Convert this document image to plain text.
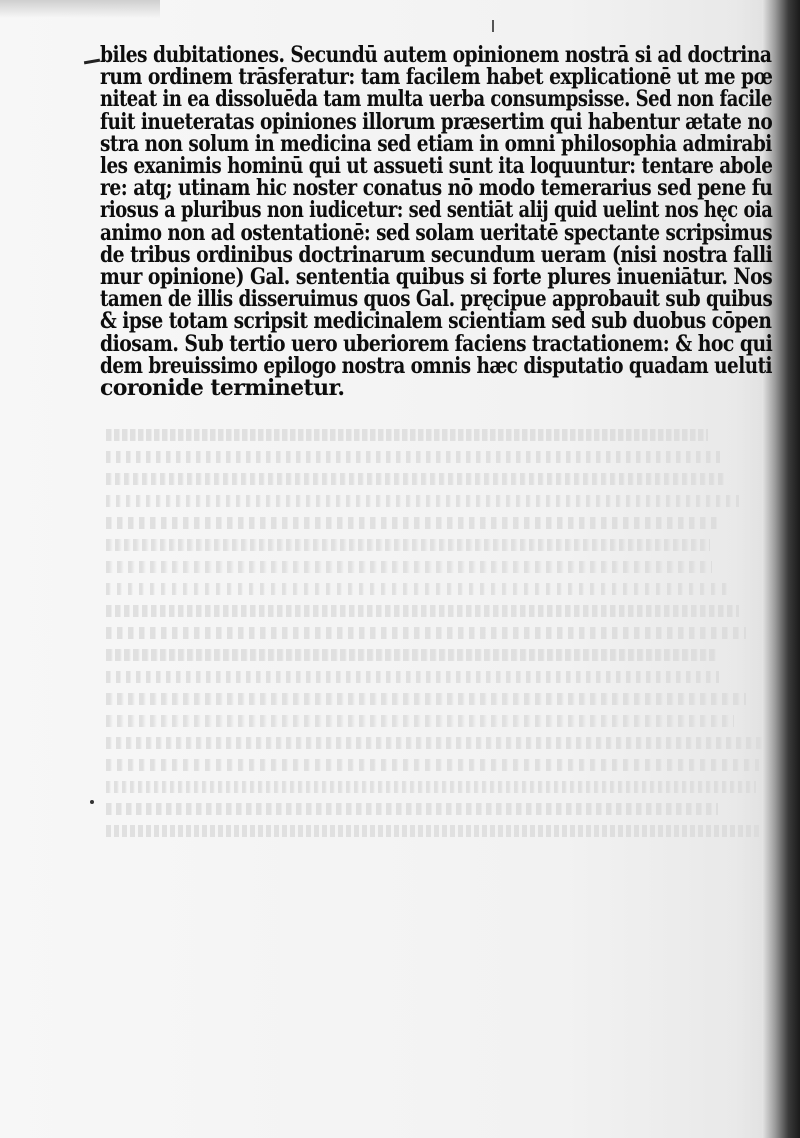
biles dubitationes. Secundū autem opinionem nostrā si ad doctrina
rum ordinem trāsferatur: tam facilem habet explicationē ut me pœ
niteat in ea dissoluēda tam multa uerba consumpsisse. Sed non facile
fuit inueteratas opiniones illorum præsertim qui habentur ætate no
stra non solum in medicina sed etiam in omni philosophia admirabi
les exanimis hominū qui ut assueti sunt ita loquuntur: tentare abole
re: atq; utinam hic noster conatus nō modo temerarius sed pene fu
riosus a pluribus non iudicetur: sed sentiāt alij quid uelint nos hęc oia
animo non ad ostentationē: sed solam ueritatē spectante scripsimus
de tribus ordinibus doctrinarum secundum ueram (nisi nostra falli
mur opinione) Gal. sententia quibus si forte plures inueniātur. Nos
tamen de illis disseruimus quos Gal. pręcipue approbauit sub quibus
& ipse totam scripsit medicinalem scientiam sed sub duobus cōpen
diosam. Sub tertio uero uberiorem faciens tractationem: & hoc qui
dem breuissimo epilogo nostra omnis hæc disputatio quadam ueluti
coronide terminetur.
